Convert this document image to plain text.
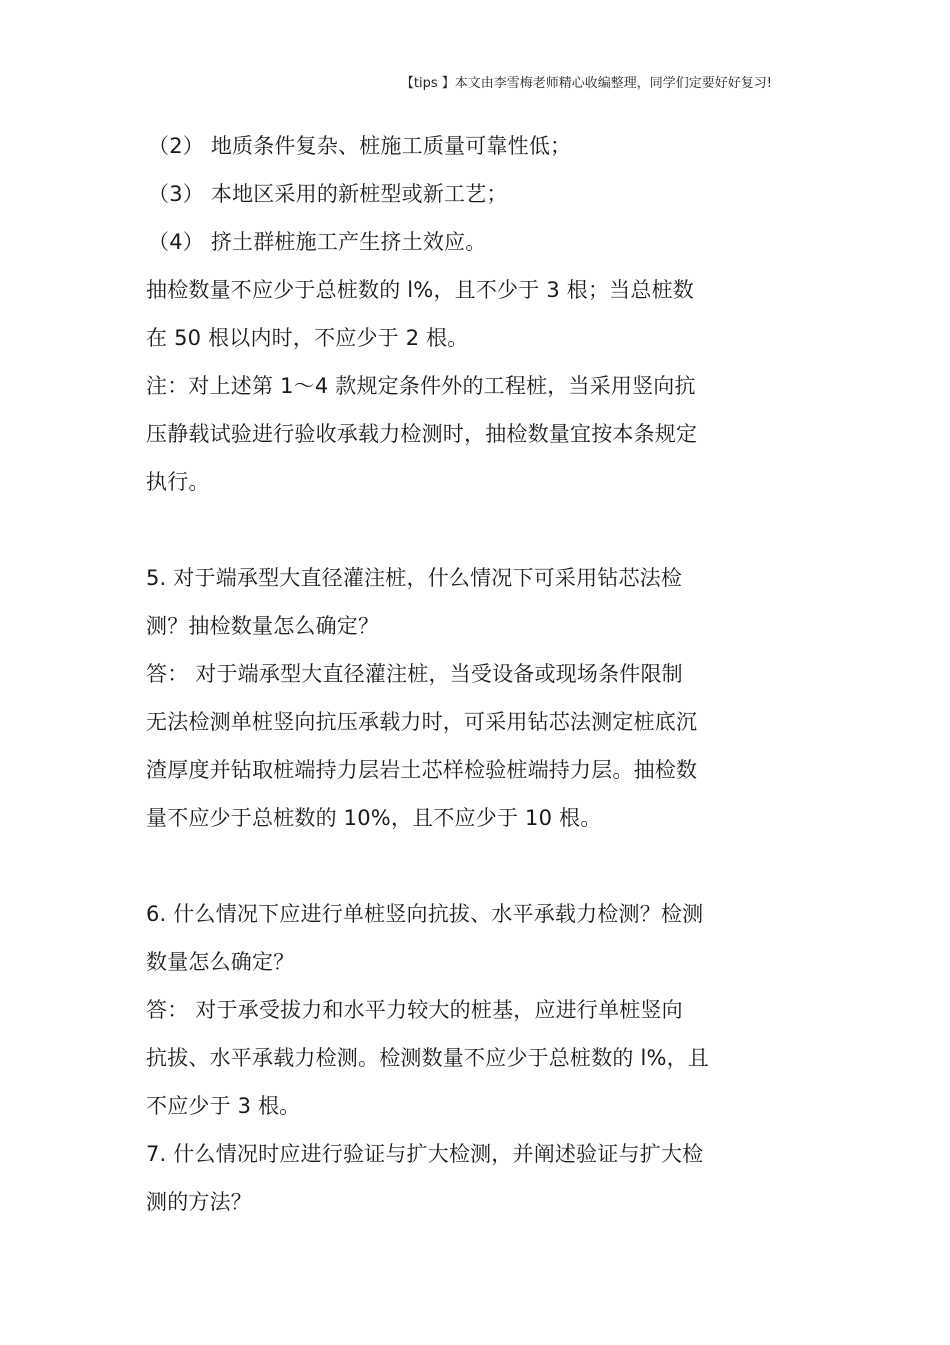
【tips 】本文由李雪梅老师精心收编整理，同学们定要好好复习!
（2） 地质条件复杂、桩施工质量可靠性低；
（3） 本地区采用的新桩型或新工艺；
（4） 挤土群桩施工产生挤土效应。
抽检数量不应少于总桩数的 l%，且不少于 3 根；当总桩数
在 50 根以内时，不应少于 2 根。
注：对上述第 1～4 款规定条件外的工程桩，当采用竖向抗
压静载试验进行验收承载力检测时，抽检数量宜按本条规定
执行。
5. 对于端承型大直径灌注桩，什么情况下可采用钻芯法检
测？抽检数量怎么确定？
答： 对于端承型大直径灌注桩，当受设备或现场条件限制
无法检测单桩竖向抗压承载力时，可采用钻芯法测定桩底沉
渣厚度并钻取桩端持力层岩土芯样检验桩端持力层。抽检数
量不应少于总桩数的 10%，且不应少于 10 根。
6. 什么情况下应进行单桩竖向抗拔、水平承载力检测？检测
数量怎么确定？
答： 对于承受拔力和水平力较大的桩基，应进行单桩竖向
抗拔、水平承载力检测。检测数量不应少于总桩数的 l%，且
不应少于 3 根。
7. 什么情况时应进行验证与扩大检测，并阐述验证与扩大检
测的方法？
